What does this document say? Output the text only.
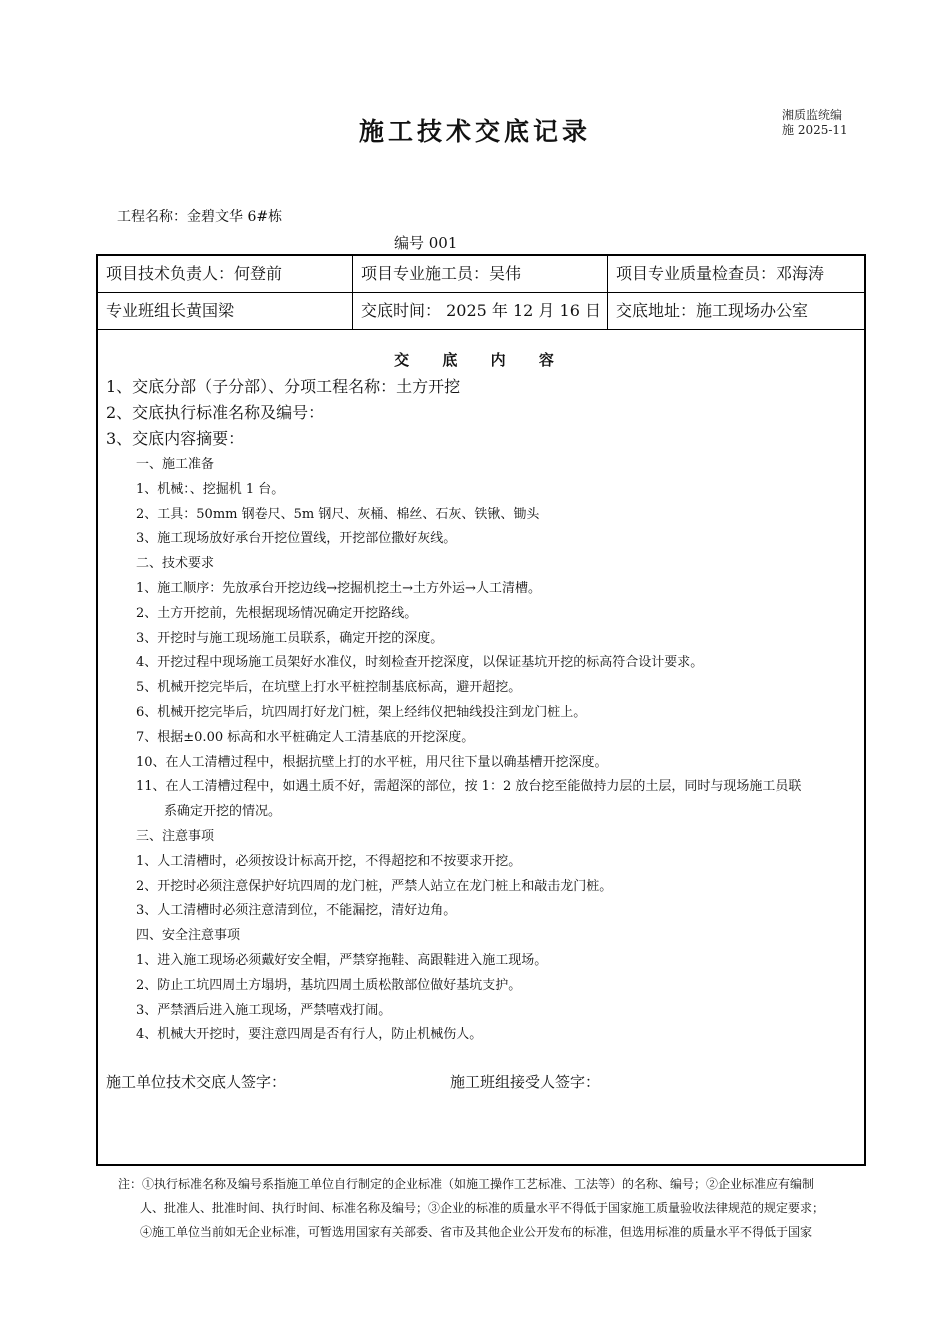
施工技术交底记录
湘质监统编
施 2025-11
工程名称：金碧文华 6#栋
编号 001
项目技术负责人：何登前	项目专业施工员：吴伟	项目专业质量检查员：邓海涛
专业班组长黄国梁	交底时间： 2025 年 12 月 16 日 交底地址：施工现场办公室
交 底 内 容
1、交底分部（子分部）、分项工程名称：土方开挖
2、交底执行标准名称及编号：
3、交底内容摘要：
一、施工准备
1、机械：、挖掘机 1 台。
2、工具：50mm 钢卷尺、5m 钢尺、灰桶、棉丝、石灰、铁锹、锄头
3、施工现场放好承台开挖位置线，开挖部位撒好灰线。
二、技术要求
1、施工顺序：先放承台开挖边线→挖掘机挖土→土方外运→人工清槽。
2、土方开挖前，先根据现场情况确定开挖路线。
3、开挖时与施工现场施工员联系，确定开挖的深度。
4、开挖过程中现场施工员架好水准仪，时刻检查开挖深度，以保证基坑开挖的标高符合设计要求。
5、机械开挖完毕后，在坑壁上打水平桩控制基底标高，避开超挖。
6、机械开挖完毕后，坑四周打好龙门桩，架上经纬仪把轴线投注到龙门桩上。
7、根据±0.00 标高和水平桩确定人工清基底的开挖深度。
10、在人工清槽过程中，根据抗壁上打的水平桩，用尺往下量以确基槽开挖深度。
11、在人工清槽过程中，如遇土质不好，需超深的部位，按 1：2 放台挖至能做持力层的土层，同时与现场施工员联
系确定开挖的情况。
三、注意事项
1、人工清槽时，必须按设计标高开挖，不得超挖和不按要求开挖。
2、开挖时必须注意保护好坑四周的龙门桩，严禁人站立在龙门桩上和敲击龙门桩。
3、人工清槽时必须注意清到位，不能漏挖，清好边角。
四、安全注意事项
1、进入施工现场必须戴好安全帽，严禁穿拖鞋、高跟鞋进入施工现场。
2、防止工坑四周土方塌坍，基坑四周土质松散部位做好基坑支护。
3、严禁酒后进入施工现场，严禁嘻戏打闹。
4、机械大开挖时，要注意四周是否有行人，防止机械伤人。
施工单位技术交底人签字：	施工班组接受人签字：
注：①执行标准名称及编号系指施工单位自行制定的企业标准（如施工操作工艺标准、工法等）的名称、编号；②企业标准应有编制
人、批准人、批准时间、执行时间、标准名称及编号；③企业的标准的质量水平不得低于国家施工质量验收法律规范的规定要求；
④施工单位当前如无企业标准，可暂选用国家有关部委、省市及其他企业公开发布的标准，但选用标准的质量水平不得低于国家
